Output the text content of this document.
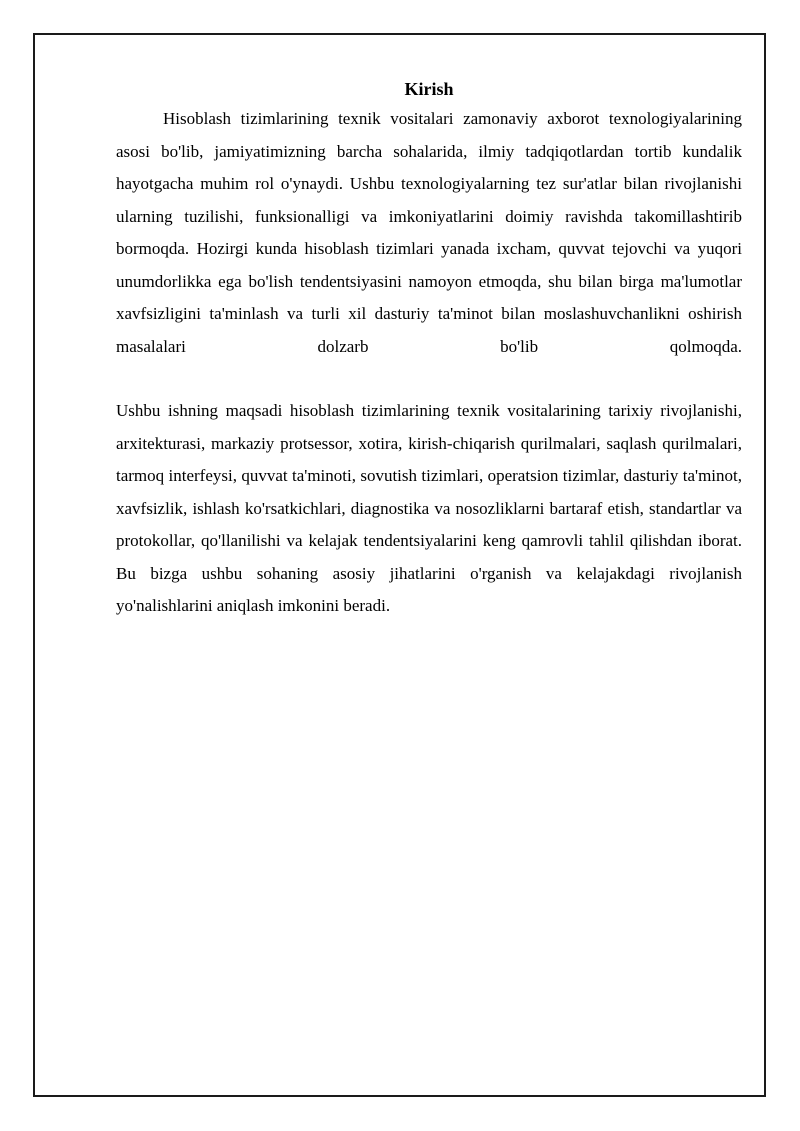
Kirish

Hisoblash tizimlarining texnik vositalari zamonaviy axborot texnologiyalarining asosi bo'lib, jamiyatimizning barcha sohalarida, ilmiy tadqiqotlardan tortib kundalik hayotgacha muhim rol o'ynaydi. Ushbu texnologiyalarning tez sur'atlar bilan rivojlanishi ularning tuzilishi, funksionalligi va imkoniyatlarini doimiy ravishda takomillashtirib bormoqda. Hozirgi kunda hisoblash tizimlari yanada ixcham, quvvat tejovchi va yuqori unumdorlikka ega bo'lish tendentsiyasini namoyon etmoqda, shu bilan birga ma'lumotlar xavfsizligini ta'minlash va turli xil dasturiy ta'minot bilan moslashuvchanlikni oshirish masalalari dolzarb bo'lib qolmoqda.

Ushbu ishning maqsadi hisoblash tizimlarining texnik vositalarining tarixiy rivojlanishi, arxitekturasi, markaziy protsessor, xotira, kirish-chiqarish qurilmalari, saqlash qurilmalari, tarmoq interfeysi, quvvat ta'minoti, sovutish tizimlari, operatsion tizimlar, dasturiy ta'minot, xavfsizlik, ishlash ko'rsatkichlari, diagnostika va nosozliklarni bartaraf etish, standartlar va protokollar, qo'llanilishi va kelajak tendentsiyalarini keng qamrovli tahlil qilishdan iborat. Bu bizga ushbu sohaning asosiy jihatlarini o'rganish va kelajakdagi rivojlanish yo'nalishlarini aniqlash imkonini beradi.
